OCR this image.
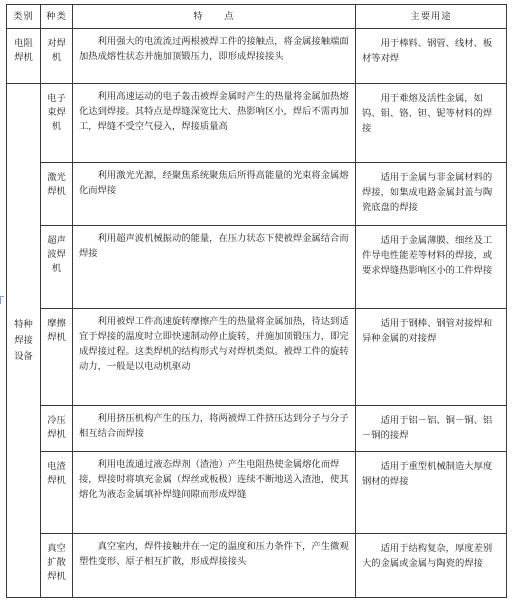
类别	种类	特　　点	主要用途
电阻焊机	对焊机	利用强大的电流流过两根被焊工件的接触点，将金属接触端面加热成熔性状态并施加顶锻压力，即形成焊接接头	用于棒料、钢管、线材、板材等对焊

特种焊接设备	电子束焊机	利用高速运动的电子轰击被焊金属时产生的热量将金属加热熔化达到焊接。其特点是焊缝深宽比大、热影响区小，焊后不需再加工，焊缝不受空气侵入，焊接质量高	用于难熔及活性金属，如钨、钼、铬、钽、铌等材料的焊接
	激光焊机	利用激光光源，经聚焦系统聚焦后所得高能量的光束将金属熔化而焊接	适用于金属与非金属材料的焊接，如集成电路金属封盖与陶瓷底盘的焊接
	超声波焊机	利用超声波机械振动的能量，在压力状态下使被焊金属结合而焊接	适用于金属薄膜、细丝及工件导电性能差等材料的焊接，或要求焊缝热影响区小的工件焊接
	摩擦焊机	利用被焊工件高速旋转摩擦产生的热量将金属加热，待达到适宜于焊接的温度时立即快速制动停止旋转，并施加顶锻压力，即完成焊接过程。这类焊机的结构形式与对焊机类似。被焊工件的旋转动力，一般是以电动机驱动	适用于钢棒、钢管对接焊和异种金属的对接焊
	冷压焊机	利用挤压机构产生的压力，将两被焊工件挤压达到分子与分子相互结合而焊接	适用于铝－铝、铜－铜、铝－铜的接焊
	电渣焊机	利用电流通过液态焊剂（渣池）产生电阻热使金属熔化而焊接，焊接时将填充金属（焊丝或板极）连续不断地送入渣池，使其熔化为液态金属填补焊缝间隙而形成焊缝	适用于重型机械制造大厚度钢材的焊接
	真空扩散焊机	真空室内，焊件接触并在一定的温度和压力条件下，产生微观塑性变形、原子相互扩散，形成焊接接头	适用于结构复杂，厚度差别大的金属或金属与陶瓷的焊接
